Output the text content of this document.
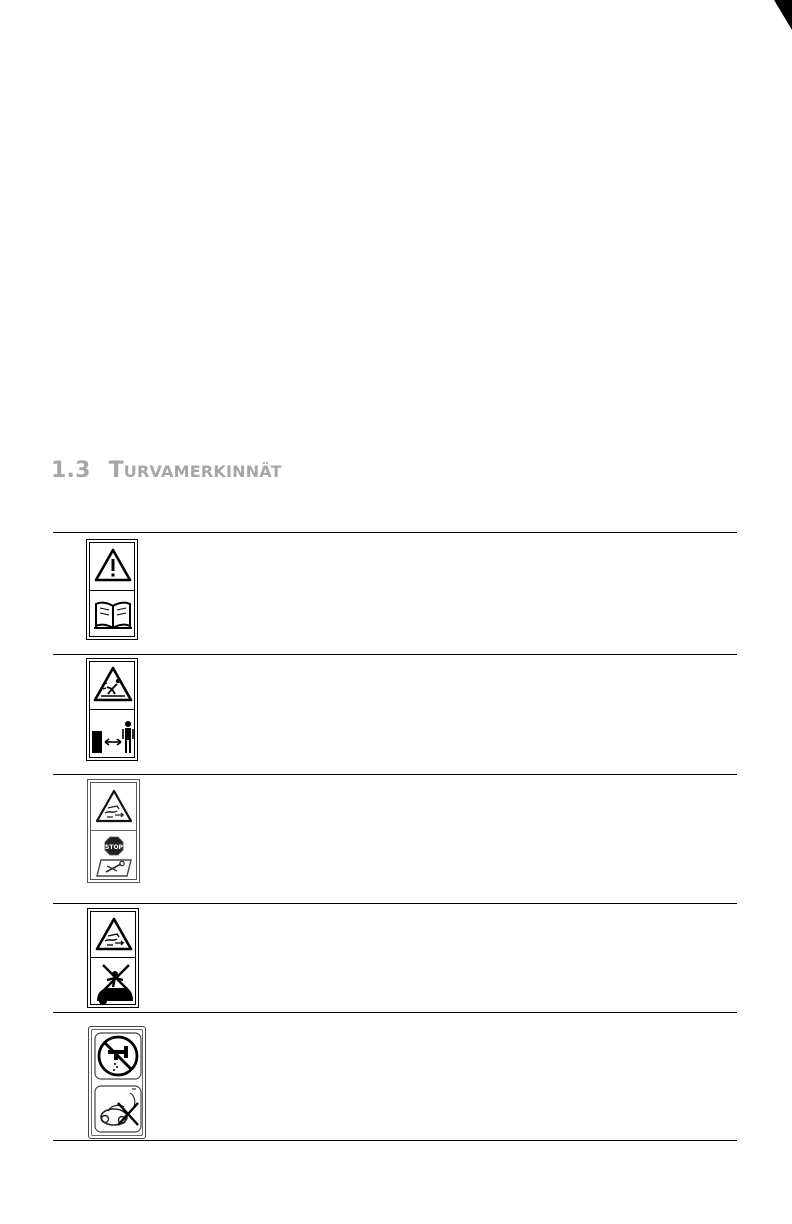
1.3 TURVAMERKINNÄT
STOP
